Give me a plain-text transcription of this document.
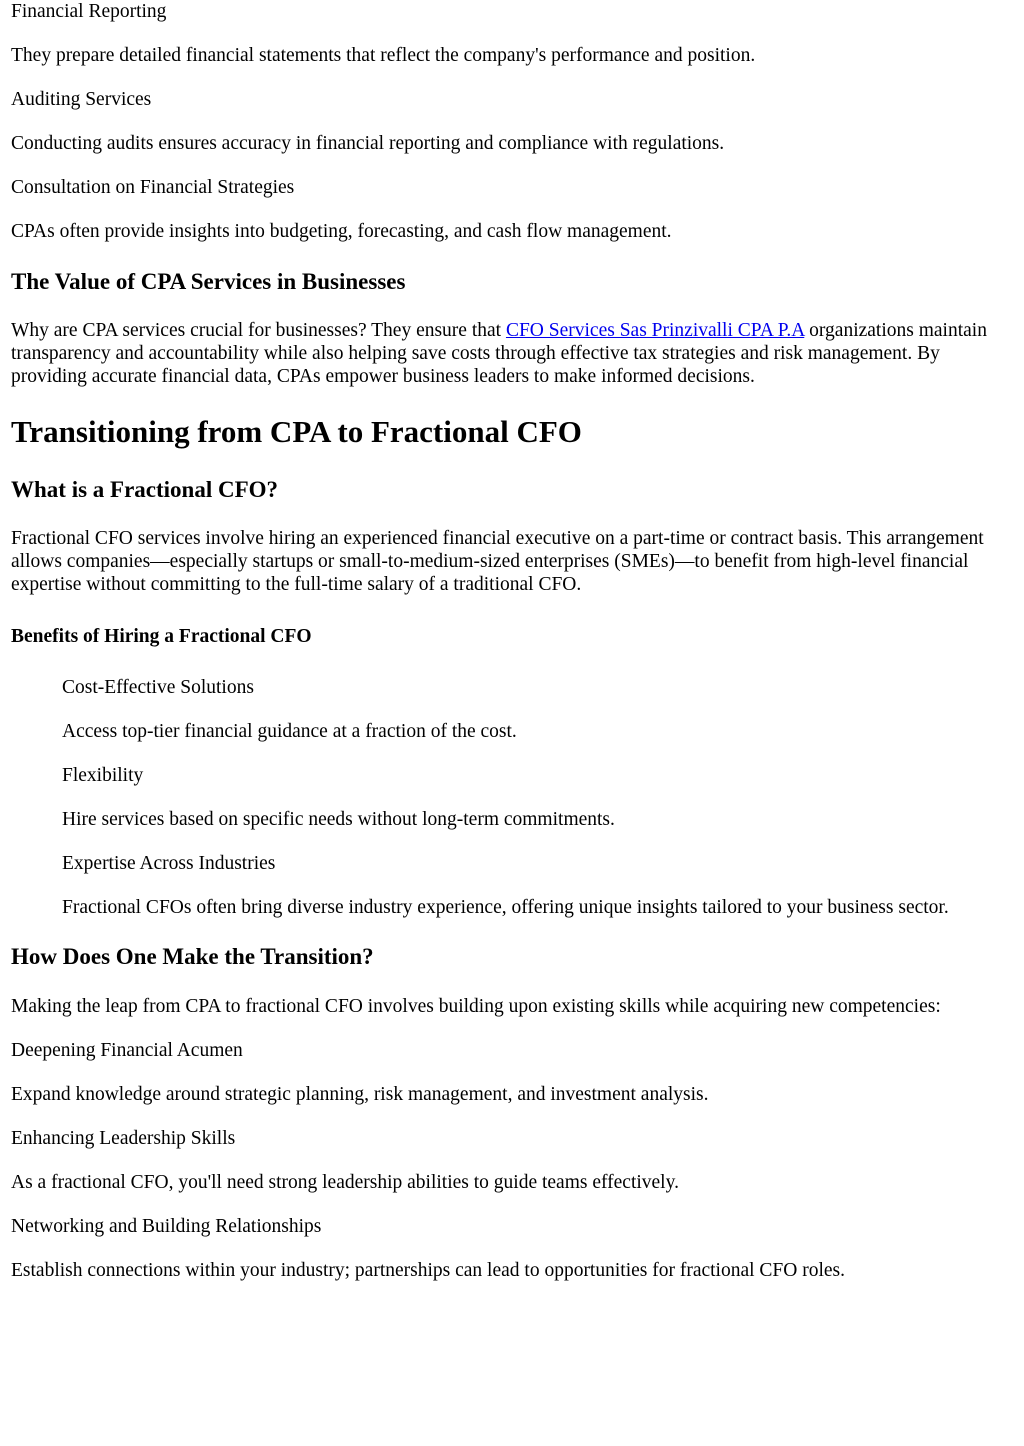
Financial Reporting

They prepare detailed financial statements that reflect the company's performance and position.

Auditing Services

Conducting audits ensures accuracy in financial reporting and compliance with regulations.

Consultation on Financial Strategies

CPAs often provide insights into budgeting, forecasting, and cash flow management.

The Value of CPA Services in Businesses

Why are CPA services crucial for businesses? They ensure that CFO Services Sas Prinzivalli CPA P.A organizations maintain transparency and accountability while also helping save costs through effective tax strategies and risk management. By providing accurate financial data, CPAs empower business leaders to make informed decisions.

Transitioning from CPA to Fractional CFO
What is a Fractional CFO?

Fractional CFO services involve hiring an experienced financial executive on a part-time or contract basis. This arrangement allows companies—especially startups or small-to-medium-sized enterprises (SMEs)—to benefit from high-level financial expertise without committing to the full-time salary of a traditional CFO.

Benefits of Hiring a Fractional CFO

Cost-Effective Solutions

Access top-tier financial guidance at a fraction of the cost.

Flexibility

Hire services based on specific needs without long-term commitments.

Expertise Across Industries

Fractional CFOs often bring diverse industry experience, offering unique insights tailored to your business sector.

How Does One Make the Transition?

Making the leap from CPA to fractional CFO involves building upon existing skills while acquiring new competencies:

Deepening Financial Acumen

Expand knowledge around strategic planning, risk management, and investment analysis.

Enhancing Leadership Skills

As a fractional CFO, you'll need strong leadership abilities to guide teams effectively.

Networking and Building Relationships

Establish connections within your industry; partnerships can lead to opportunities for fractional CFO roles.
